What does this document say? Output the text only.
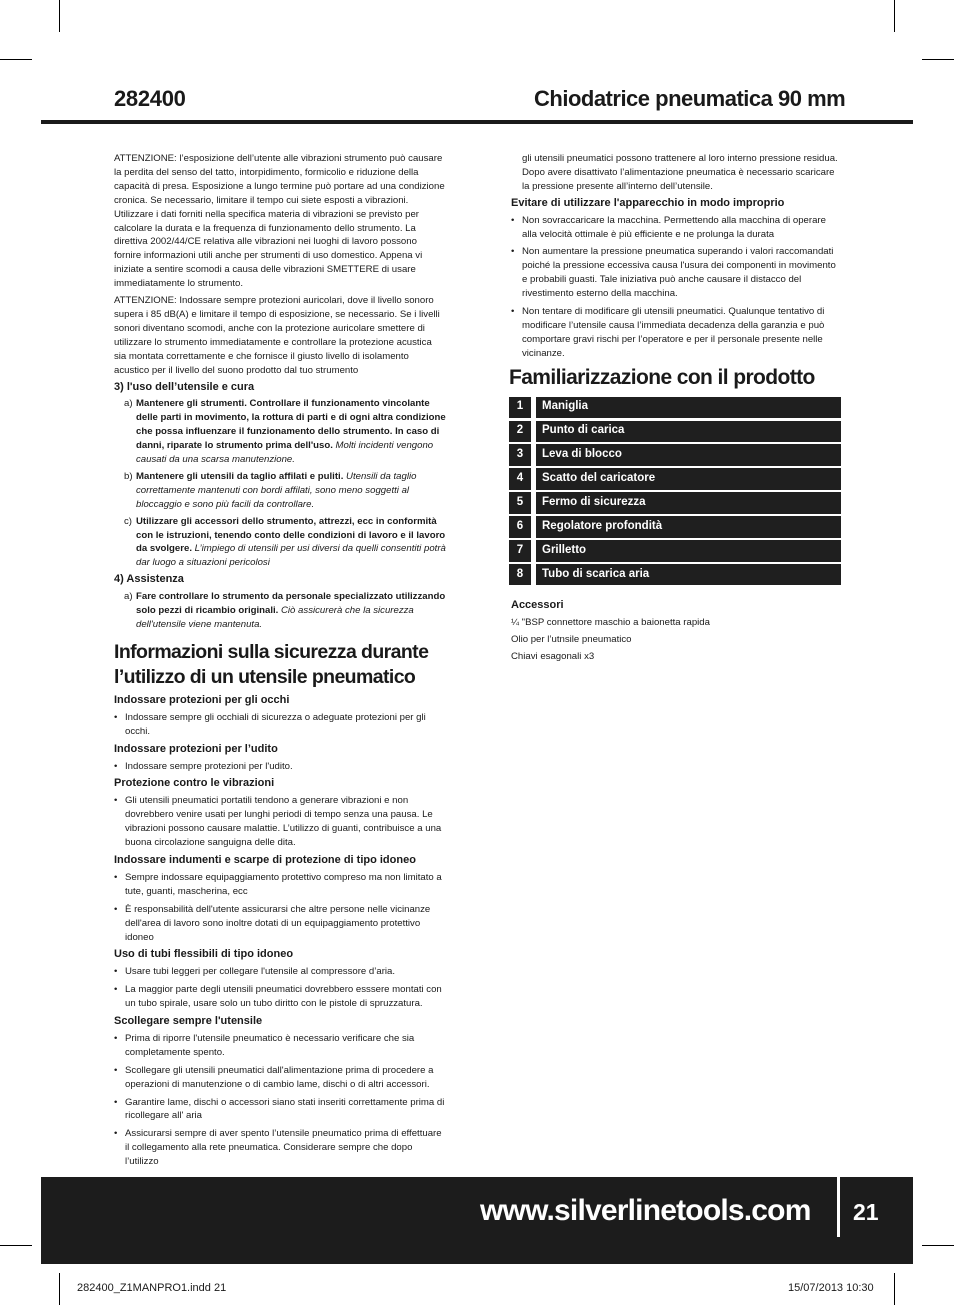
282400	Chiodatrice pneumatica 90 mm

ATTENZIONE: l’esposizione dell’utente alle vibrazioni strumento può causare la perdita del senso del tatto, intorpidimento, formicolio e riduzione della capacità di presa. Esposizione a lungo termine può portare ad una condizione cronica. Se necessario, limitare il tempo cui siete esposti a vibrazioni. Utilizzare i dati forniti nella specifica materia di vibrazioni se previsto per calcolare la durata e la frequenza di funzionamento dello strumento. La direttiva 2002/44/CE relativa alle vibrazioni nei luoghi di lavoro possono fornire informazioni utili anche per strumenti di uso domestico. Appena vi iniziate a sentire scomodi a causa delle vibrazioni SMETTERE di usare immediatamente lo strumento.

ATTENZIONE: Indossare sempre protezioni auricolari, dove il livello sonoro supera i 85 dB(A) e limitare il tempo di esposizione, se necessario. Se i livelli sonori diventano scomodi, anche con la protezione auricolare smettere di utilizzare lo strumento immediatamente e controllare la protezione acustica sia montata correttamente e che fornisce il giusto livello di isolamento acustico per il livello del suono prodotto dal tuo strumento

3) l'uso dell’utensile e cura
a) Mantenere gli strumenti. Controllare il funzionamento vincolante delle parti in movimento, la rottura di parti e di ogni altra condizione che possa influenzare il funzionamento dello strumento. In caso di danni, riparate lo strumento prima dell'uso. Molti incidenti vengono causati da una scarsa manutenzione.
b) Mantenere gli utensili da taglio affilati e puliti. Utensili da taglio correttamente mantenuti con bordi affilati, sono meno soggetti al bloccaggio e sono più facili da controllare.
c) Utilizzare gli accessori dello strumento, attrezzi, ecc in conformità con le istruzioni, tenendo conto delle condizioni di lavoro e il lavoro da svolgere. L’impiego di utensili per usi diversi da quelli consentiti potrà dar luogo a situazioni pericolosi
4) Assistenza
a) Fare controllare lo strumento da personale specializzato utilizzando solo pezzi di ricambio originali. Ciò assicurerà che la sicurezza dell'utensile viene mantenuta.
Informazioni sulla sicurezza durante l’utilizzo di un utensile pneumatico
Indossare protezioni per gli occhi
• Indossare sempre gli occhiali di sicurezza o adeguate protezioni per gli occhi.
Indossare protezioni per l’udito
• Indossare sempre protezioni per l'udito.
Protezione contro le vibrazioni
• Gli utensili pneumatici portatili tendono a generare vibrazioni e non dovrebbero venire usati per lunghi periodi di tempo senza una pausa. Le vibrazioni possono causare malattie. L’utilizzo di guanti, contribuisce a una buona circolazione sanguigna delle dita.
Indossare indumenti e scarpe di protezione di tipo idoneo
• Sempre indossare equipaggiamento protettivo compreso ma non limitato a tute, guanti, mascherina, ecc
• È responsabilità dell'utente assicurarsi che altre persone nelle vicinanze dell'area di lavoro sono inoltre dotati di un equipaggiamento protettivo idoneo
Uso di tubi flessibili di tipo idoneo
• Usare tubi leggeri per collegare l'utensile al compressore d’aria.
• La maggior parte degli utensili pneumatici dovrebbero esssere montati con un tubo spirale, usare solo un tubo diritto con le pistole di spruzzatura.
Scollegare sempre l'utensile
• Prima di riporre l'utensile pneumatico è necessario verificare che sia completamente spento.
• Scollegare gli utensili pneumatici dall'alimentazione prima di procedere a operazioni di manutenzione o di cambio lame, dischi o di altri accessori.
• Garantire lame, dischi o accessori siano stati inseriti correttamente prima di ricollegare all' aria
• Assicurarsi sempre di aver spento l’utensile pneumatico prima di effettuare il collegamento alla rete pneumatica. Considerare sempre che dopo l’utilizzo

gli utensili pneumatici possono trattenere al loro interno pressione residua. Dopo avere disattivato l’alimentazione pneumatica è necessario scaricare la pressione presente all’interno dell’utensile.

Evitare di utilizzare l'apparecchio in modo improprio
• Non sovraccaricare la macchina. Permettendo alla macchina di operare alla velocità ottimale è più efficiente e ne prolunga la durata
• Non aumentare la pressione pneumatica superando i valori raccomandati poiché la pressione eccessiva causa l'usura dei componenti in movimento e probabili guasti. Tale iniziativa può anche causare il distacco del rivestimento esterno della macchina.
• Non tentare di modificare gli utensili pneumatici. Qualunque tentativo di modificare l’utensile causa l’immediata decadenza della garanzia e può comportare gravi rischi per l’operatore e per il personale presente nelle vicinanze.
Familiarizzazione con il prodotto
1	Maniglia
2	Punto di carica
3	Leva di blocco
4	Scatto del caricatore
5	Fermo di sicurezza
6	Regolatore profondità
7	Grilletto
8	Tubo di scarica aria
Accessori
¼ "BSP connettore maschio a baionetta rapida
Olio per l’utnsile pneumatico
Chiavi esagonali x3
www.silverlinetools.com 21
282400_Z1MANPRO1.indd 21	15/07/2013 10:30
